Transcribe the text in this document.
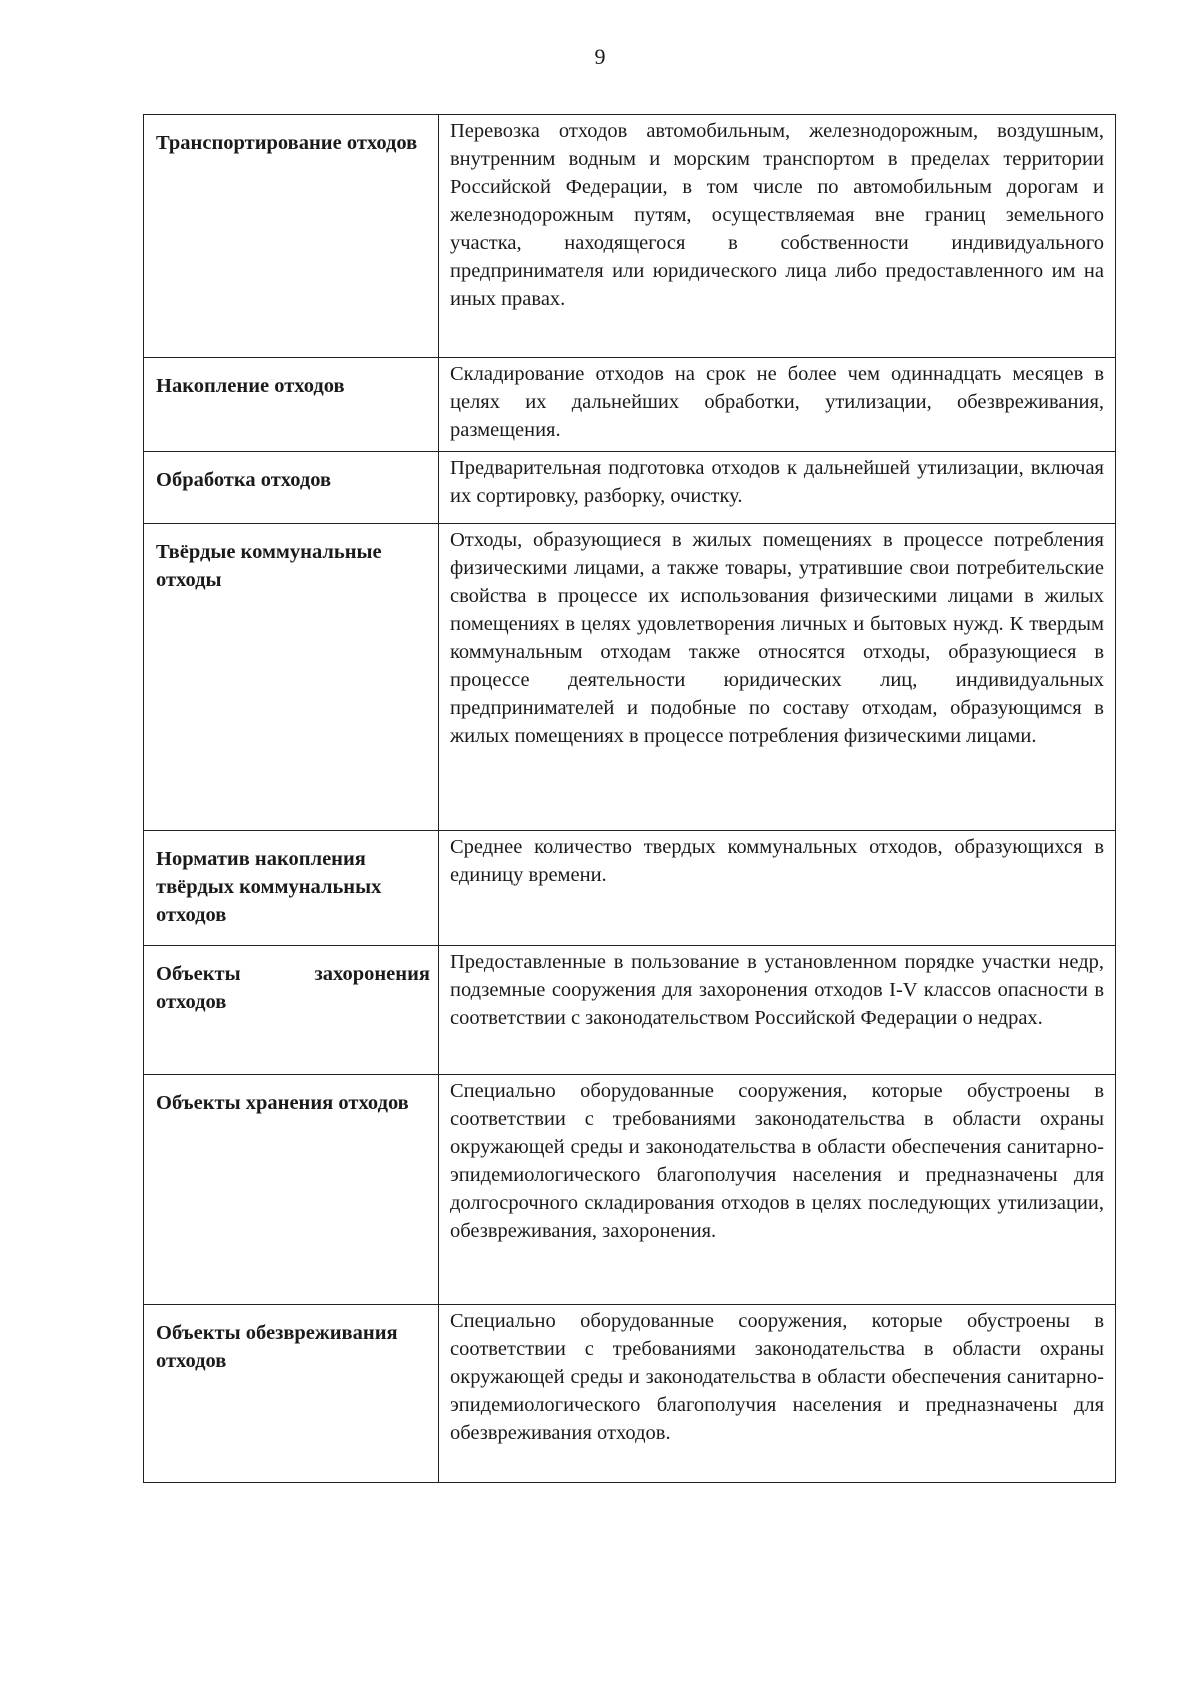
9
Транспортирование отходов	Перевозка отходов автомобильным, железнодорожным, воздушным, внутренним водным и морским транспортом в пределах территории Российской Федерации, в том числе по автомобильным дорогам и железнодорожным путям, осуществляемая вне границ земельного участка, находящегося в собственности индивидуального предпринимателя или юридического лица либо предоставленного им на иных правах.

Накопление отходов	Складирование отходов на срок не более чем одиннадцать месяцев в целях их дальнейших обработки, утилизации, обезвреживания, размещения.

Обработка отходов	Предварительная подготовка отходов к дальнейшей утилизации, включая их сортировку, разборку, очистку.

Твёрдые коммунальные отходы	Отходы, образующиеся в жилых помещениях в процессе потребления физическими лицами, а также товары, утратившие свои потребительские свойства в процессе их использования физическими лицами в жилых помещениях в целях удовлетворения личных и бытовых нужд. К твердым коммунальным отходам также относятся отходы, образующиеся в процессе деятельности юридических лиц, индивидуальных предпринимателей и подобные по составу отходам, образующимся в жилых помещениях в процессе потребления физическими лицами.

Норматив накопления твёрдых коммунальных отходов	Среднее количество твердых коммунальных отходов, образующихся в единицу времени.

Объекты захоронения отходов	Предоставленные в пользование в установленном порядке участки недр, подземные сооружения для захоронения отходов I-V классов опасности в соответствии с законодательством Российской Федерации о недрах.

Объекты хранения отходов	Специально оборудованные сооружения, которые обустроены в соответствии с требованиями законодательства в области охраны окружающей среды и законодательства в области обеспечения санитарно-эпидемиологического благополучия населения и предназначены для долгосрочного складирования отходов в целях последующих утилизации, обезвреживания, захоронения.

Объекты обезвреживания отходов	Специально оборудованные сооружения, которые обустроены в соответствии с требованиями законодательства в области охраны окружающей среды и законодательства в области обеспечения санитарно-эпидемиологического благополучия населения и предназначены для обезвреживания отходов.
